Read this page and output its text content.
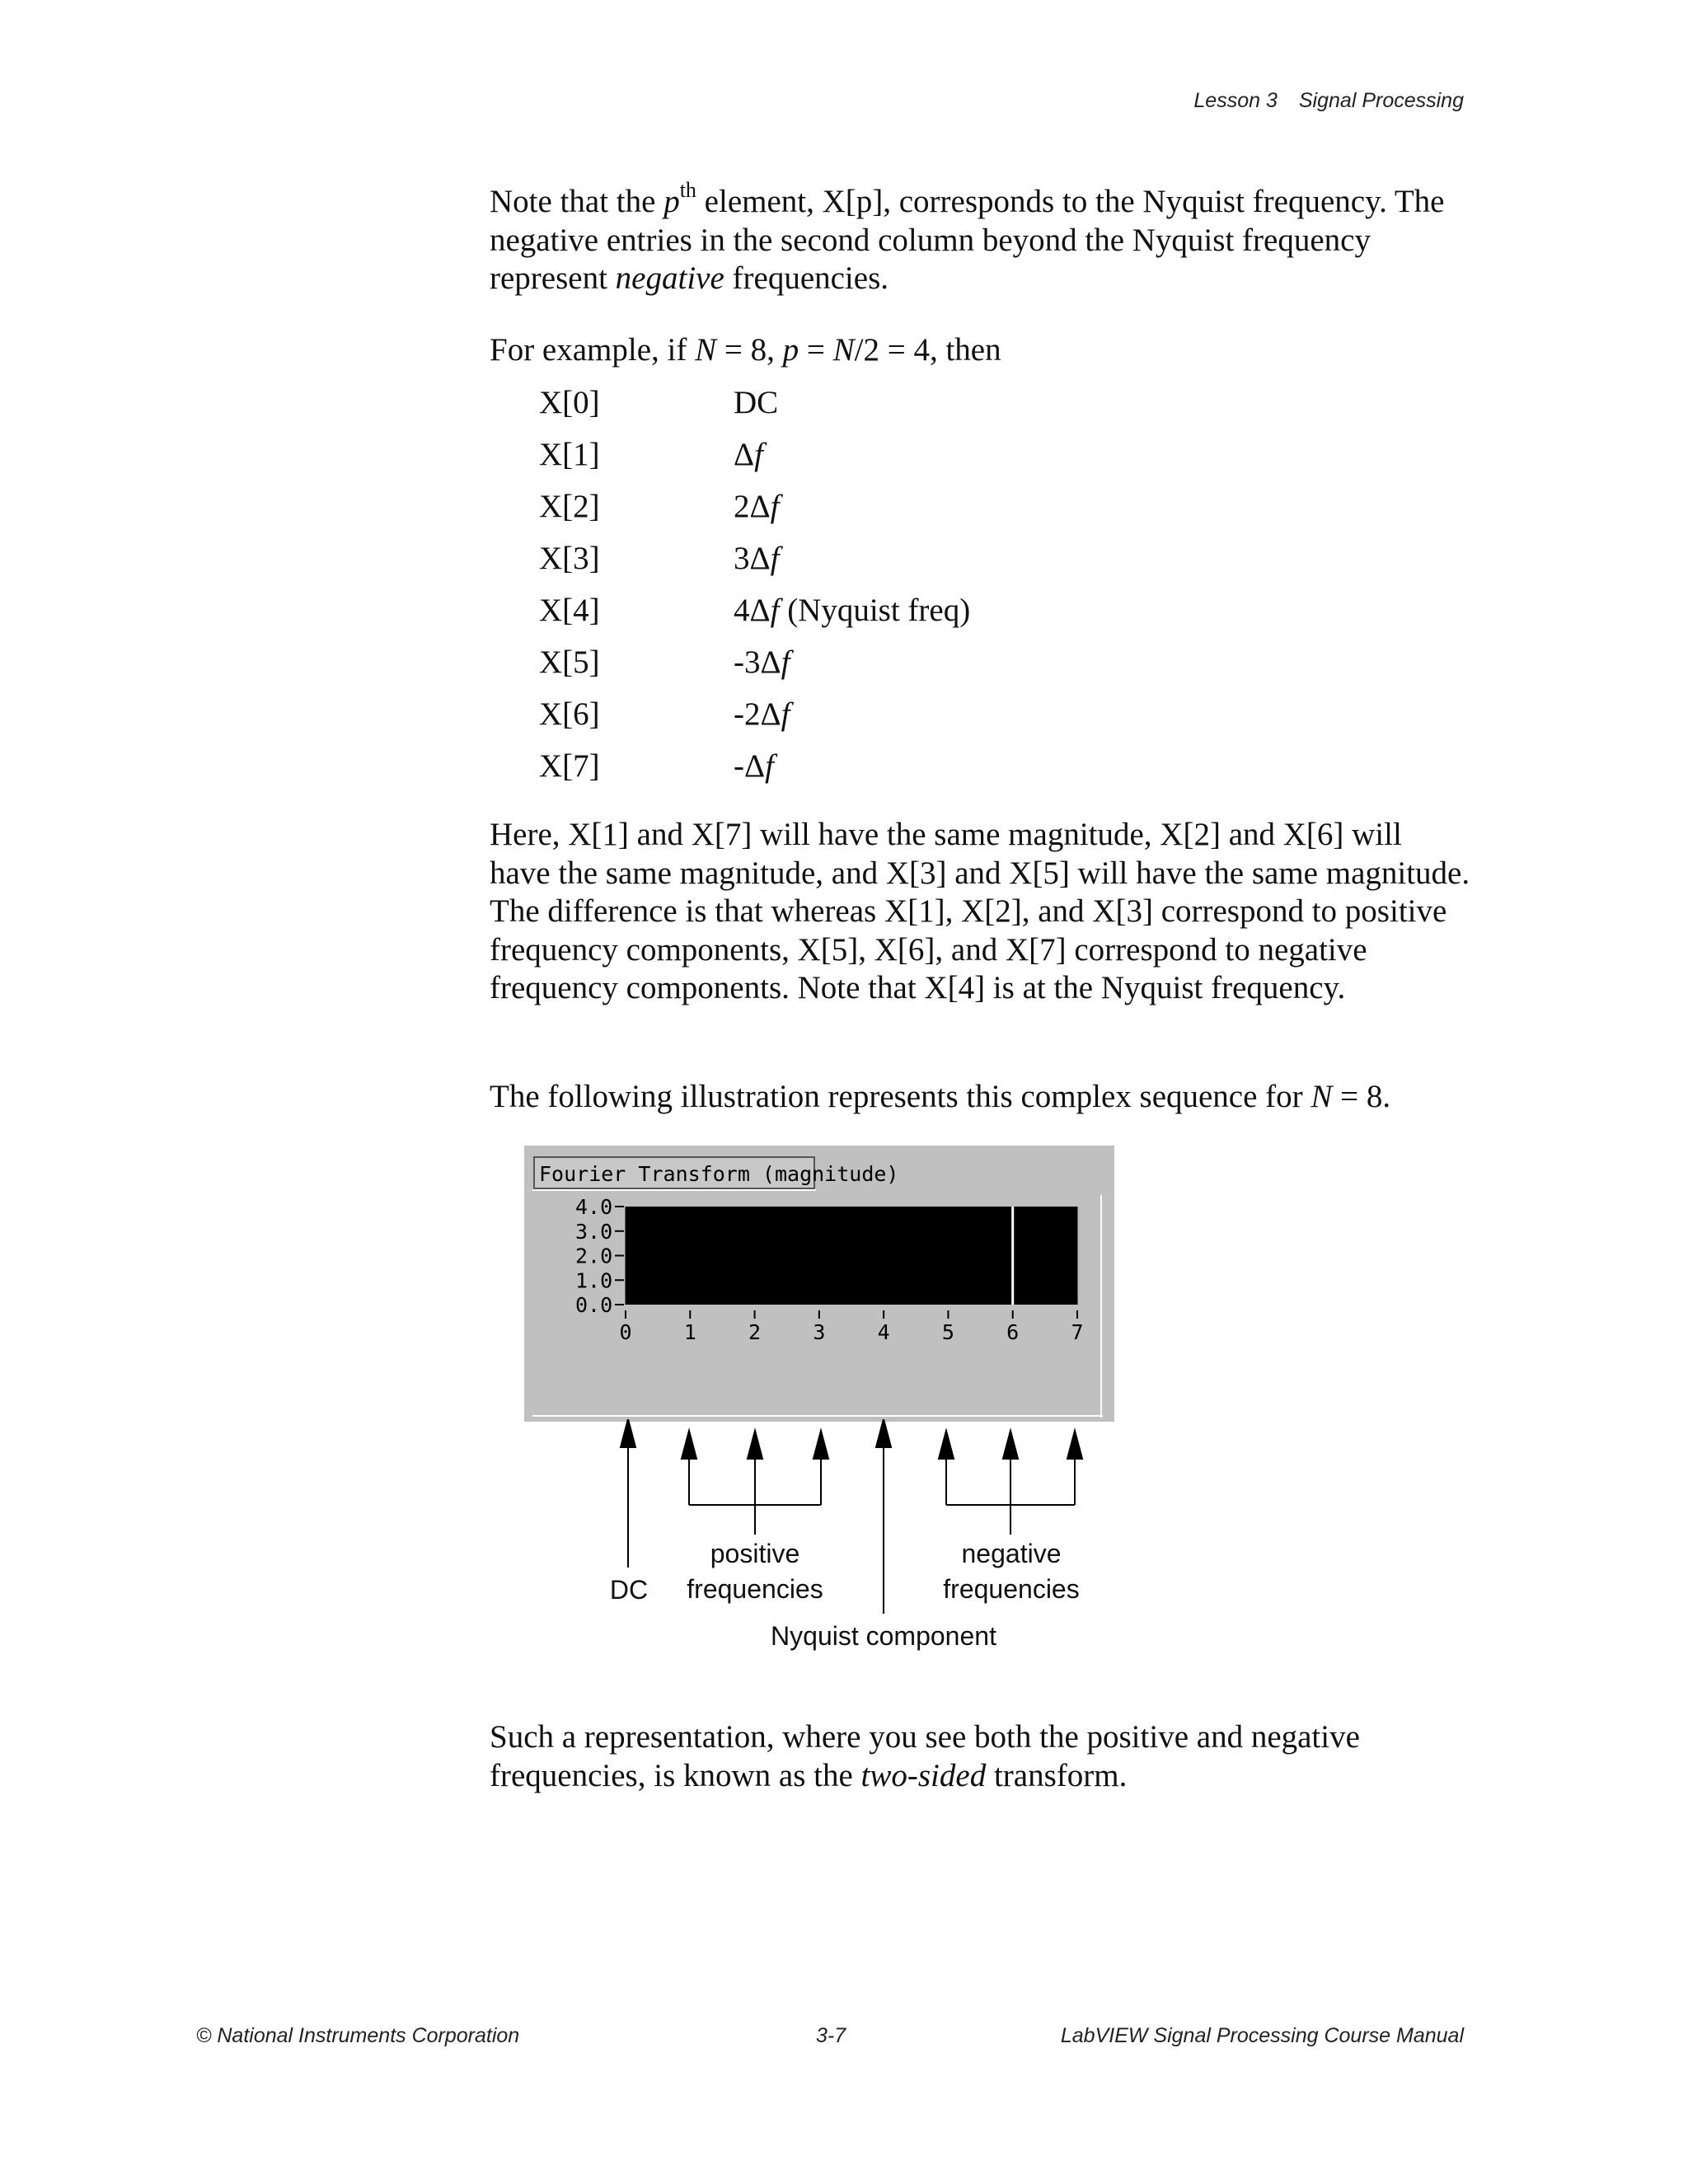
Lesson 3 Signal Processing

Note that the $p^{th}$ element, X[p], corresponds to the Nyquist frequency. The negative entries in the second column beyond the Nyquist frequency represent negative frequencies.

For example, if N = 8, p = N/2 = 4, then

X[0]	DC
X[1]	Δf
X[2]	2Δf
X[3]	3Δf
X[4]	4Δf (Nyquist freq)
X[5]	-3Δf
X[6]	-2Δf
X[7]	-Δf

Here, X[1] and X[7] will have the same magnitude, X[2] and X[6] will have the same magnitude, and X[3] and X[5] will have the same magnitude. The difference is that whereas X[1], X[2], and X[3] correspond to positive frequency components, X[5], X[6], and X[7] correspond to negative frequency components. Note that X[4] is at the Nyquist frequency.

The following illustration represents this complex sequence for N = 8.

Fourier Transform (magnitude)
4.0
3.0
2.0
1.0
0.0
0	1	2	3	4	5	6	7
DC
positive
frequencies
negative
frequencies
Nyquist component

Such a representation, where you see both the positive and negative frequencies, is known as the two-sided transform.

© National Instruments Corporation	3-7	LabVIEW Signal Processing Course Manual
